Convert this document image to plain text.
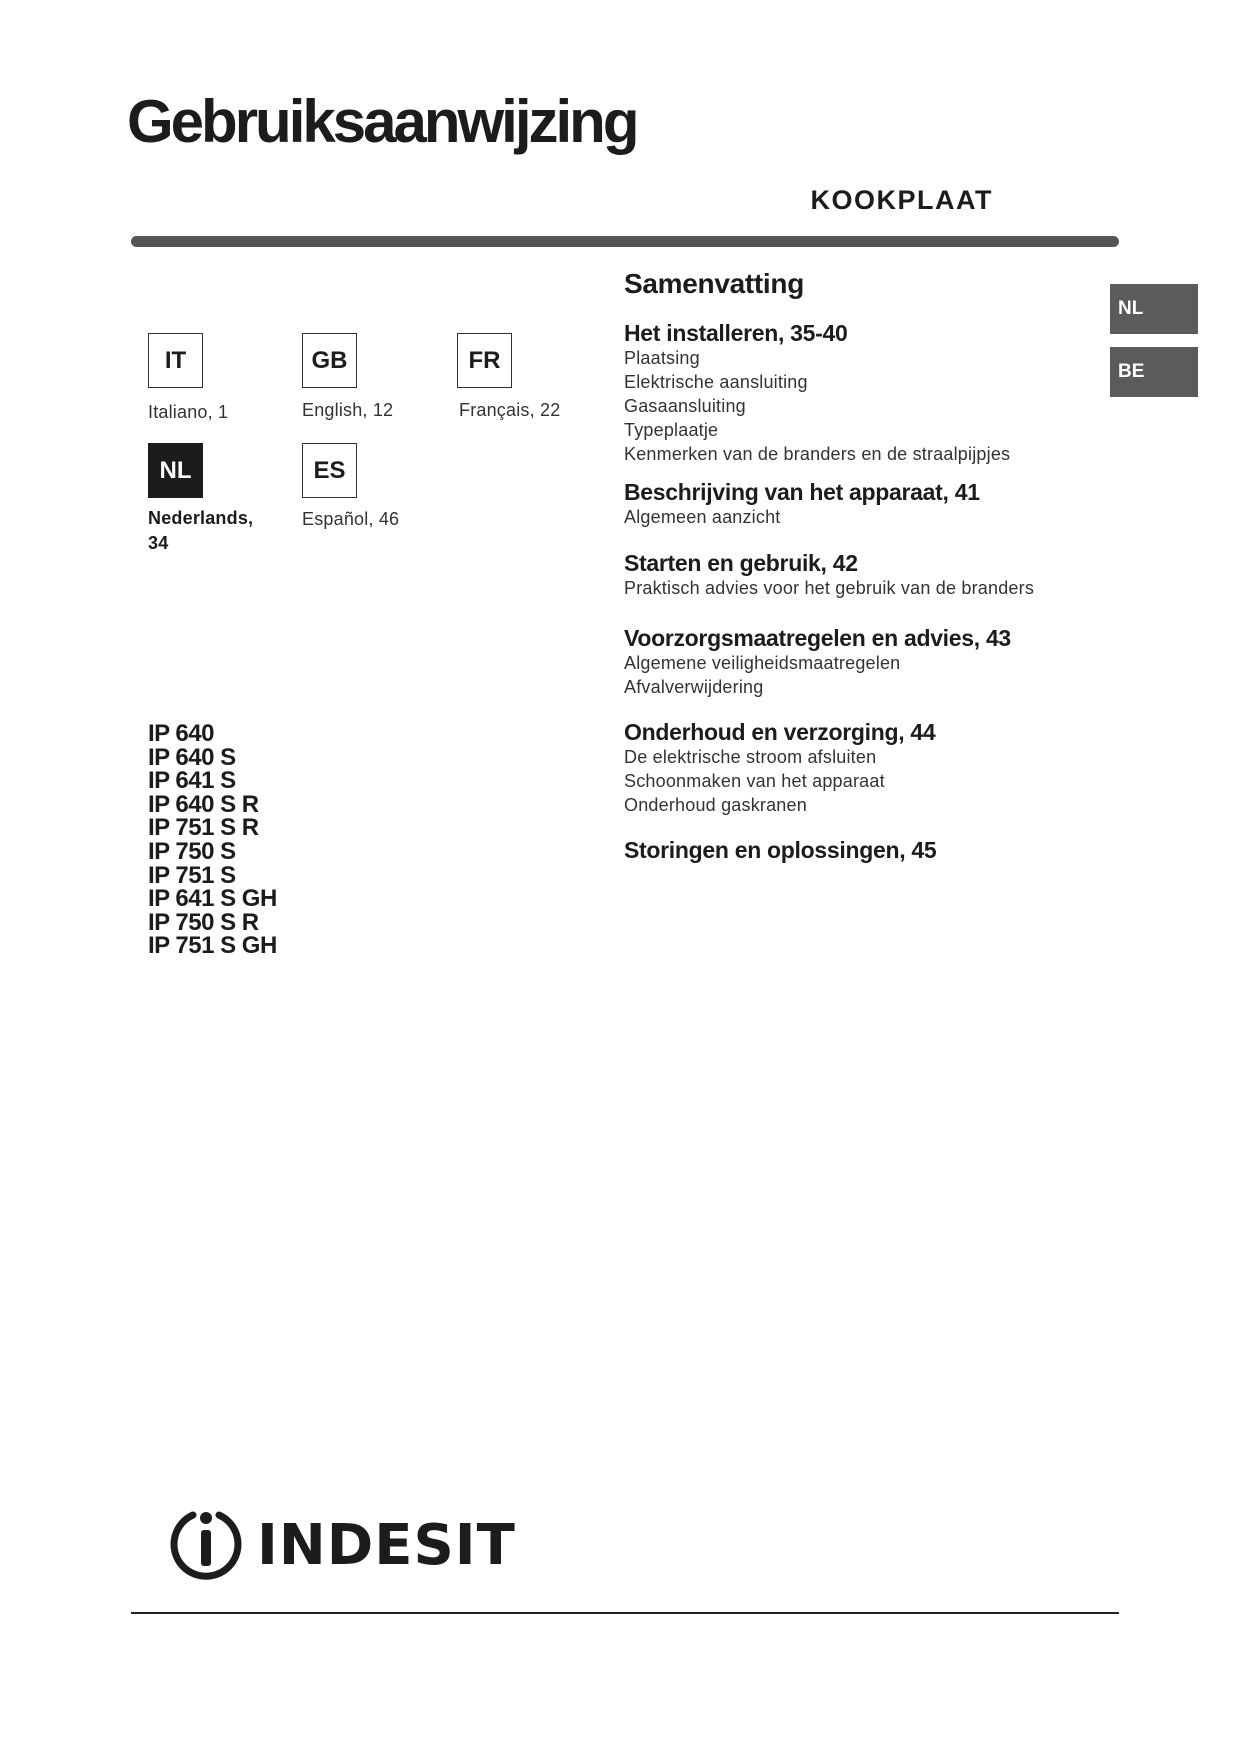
Gebruiksaanwijzing
KOOKPLAAT
NL
BE
IT
Italiano, 1
GB
English, 12
FR
Français, 22
NL
Nederlands, 34
ES
Español, 46
IP 640
IP 640 S
IP 641 S
IP 640 S R
IP 751 S R
IP 750 S
IP 751 S
IP 641 S GH
IP 750 S R
IP 751 S GH
Samenvatting
Het installeren, 35-40
Plaatsing
Elektrische aansluiting
Gasaansluiting
Typeplaatje
Kenmerken van de branders en de straalpijpjes
Beschrijving van het apparaat, 41
Algemeen aanzicht
Starten en gebruik, 42
Praktisch advies voor het gebruik van de branders
Voorzorgsmaatregelen en advies, 43
Algemene veiligheidsmaatregelen
Afvalverwijdering
Onderhoud en verzorging, 44
De elektrische stroom afsluiten
Schoonmaken van het apparaat
Onderhoud gaskranen
Storingen en oplossingen, 45
INDESIT
